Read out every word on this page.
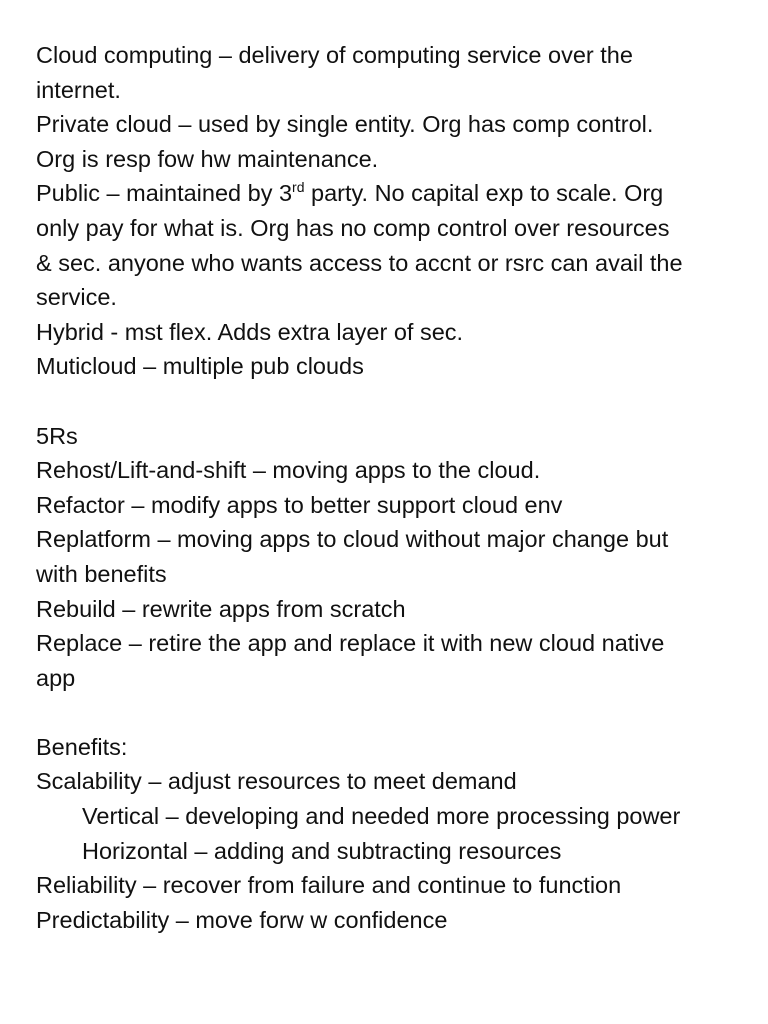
Cloud computing – delivery of computing service over the

internet.

Private cloud – used by single entity. Org has comp control.

Org is resp fow hw maintenance.

Public – maintained by 3rd party. No capital exp to scale. Org

only pay for what is. Org has no comp control over resources

& sec. anyone who wants access to accnt or rsrc can avail the

service.

Hybrid - mst flex. Adds extra layer of sec.

Muticloud – multiple pub clouds

5Rs

Rehost/Lift-and-shift – moving apps to the cloud.

Refactor – modify apps to better support cloud env

Replatform – moving apps to cloud without major change but

with benefits

Rebuild – rewrite apps from scratch

Replace – retire the app and replace it with new cloud native

app

Benefits:

Scalability – adjust resources to meet demand

Vertical – developing and needed more processing power

Horizontal – adding and subtracting resources

Reliability – recover from failure and continue to function

Predictability – move forw w confidence
